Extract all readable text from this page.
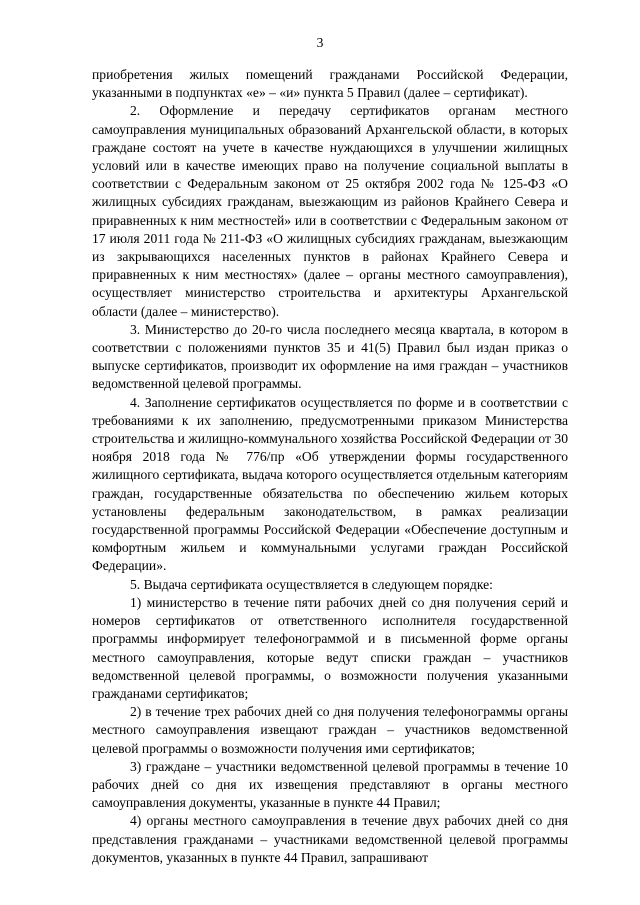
3

приобретения жилых помещений гражданами Российской Федерации, указанными в подпунктах «е» – «и» пункта 5 Правил (далее – сертификат).

2. Оформление и передачу сертификатов органам местного самоуправления муниципальных образований Архангельской области, в которых граждане состоят на учете в качестве нуждающихся в улучшении жилищных условий или в качестве имеющих право на получение социальной выплаты в соответствии с Федеральным законом от 25 октября 2002 года № 125-ФЗ «О жилищных субсидиях гражданам, выезжающим из районов Крайнего Севера и приравненных к ним местностей» или в соответствии с Федеральным законом от 17 июля 2011 года № 211-ФЗ «О жилищных субсидиях гражданам, выезжающим из закрывающихся населенных пунктов в районах Крайнего Севера и приравненных к ним местностях» (далее – органы местного самоуправления), осуществляет министерство строительства и архитектуры Архангельской области (далее – министерство).

3. Министерство до 20-го числа последнего месяца квартала, в котором в соответствии с положениями пунктов 35 и 41(5) Правил был издан приказ о выпуске сертификатов, производит их оформление на имя граждан – участников ведомственной целевой программы.

4. Заполнение сертификатов осуществляется по форме и в соответствии с требованиями к их заполнению, предусмотренными приказом Министерства строительства и жилищно-коммунального хозяйства Российской Федерации от 30 ноября 2018 года № 776/пр «Об утверждении формы государственного жилищного сертификата, выдача которого осуществляется отдельным категориям граждан, государственные обязательства по обеспечению жильем которых установлены федеральным законодательством, в рамках реализации государственной программы Российской Федерации «Обеспечение доступным и комфортным жильем и коммунальными услугами граждан Российской Федерации».

5. Выдача сертификата осуществляется в следующем порядке:

1) министерство в течение пяти рабочих дней со дня получения серий и номеров сертификатов от ответственного исполнителя государственной программы информирует телефонограммой и в письменной форме органы местного самоуправления, которые ведут списки граждан – участников ведомственной целевой программы, о возможности получения указанными гражданами сертификатов;

2) в течение трех рабочих дней со дня получения телефонограммы органы местного самоуправления извещают граждан – участников ведомственной целевой программы о возможности получения ими сертификатов;

3) граждане – участники ведомственной целевой программы в течение 10 рабочих дней со дня их извещения представляют в органы местного самоуправления документы, указанные в пункте 44 Правил;

4) органы местного самоуправления в течение двух рабочих дней со дня представления гражданами – участниками ведомственной целевой программы документов, указанных в пункте 44 Правил, запрашивают
